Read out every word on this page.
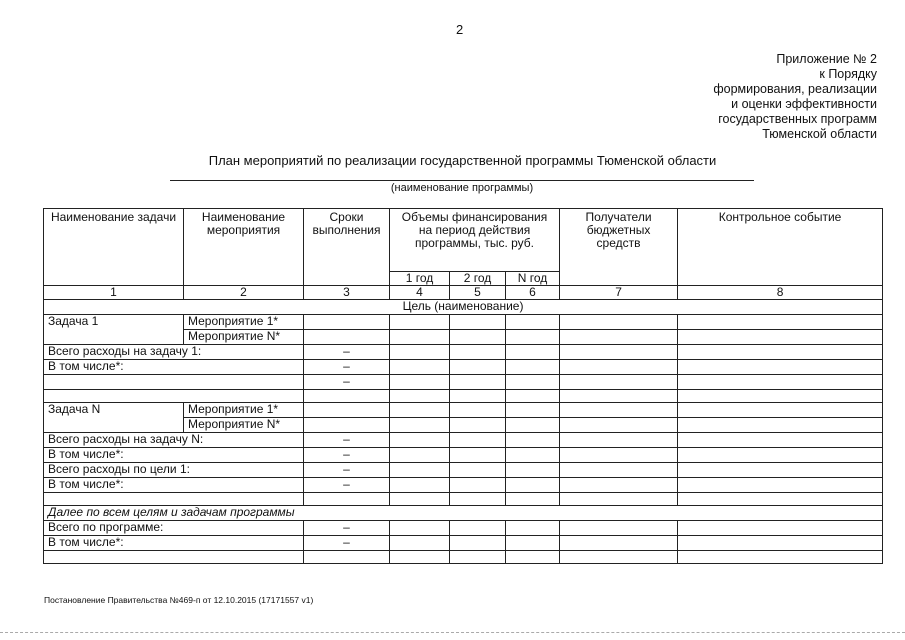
2
Приложение № 2
к Порядку
формирования, реализации
и оценки эффективности
государственных программ
Тюменской области
План мероприятий по реализации государственной программы Тюменской области
(наименование программы)
Наименование задачи	Наименование мероприятия	Сроки выполнения	Объемы финансирования на период действия программы, тыс. руб.			Получатели бюджетных средств	Контрольное событие
			1 год	2 год	N год		
1	2	3	4	5	6	7	8
Цель (наименование)							
Задача 1	Мероприятие 1*						
	Мероприятие N*						
Всего расходы на задачу 1:		–					
В том числе*:		–					
		–					

Задача N	Мероприятие 1*						
	Мероприятие N*						
Всего расходы на задачу N:		–					
В том числе*:		–					
Всего расходы по цели 1:		–					
В том числе*:		–					

Далее по всем целям и задачам программы							
Всего по программе:		–					
В том числе*:		–					

Постановление Правительства №469-п от 12.10.2015 (17171557 v1)
